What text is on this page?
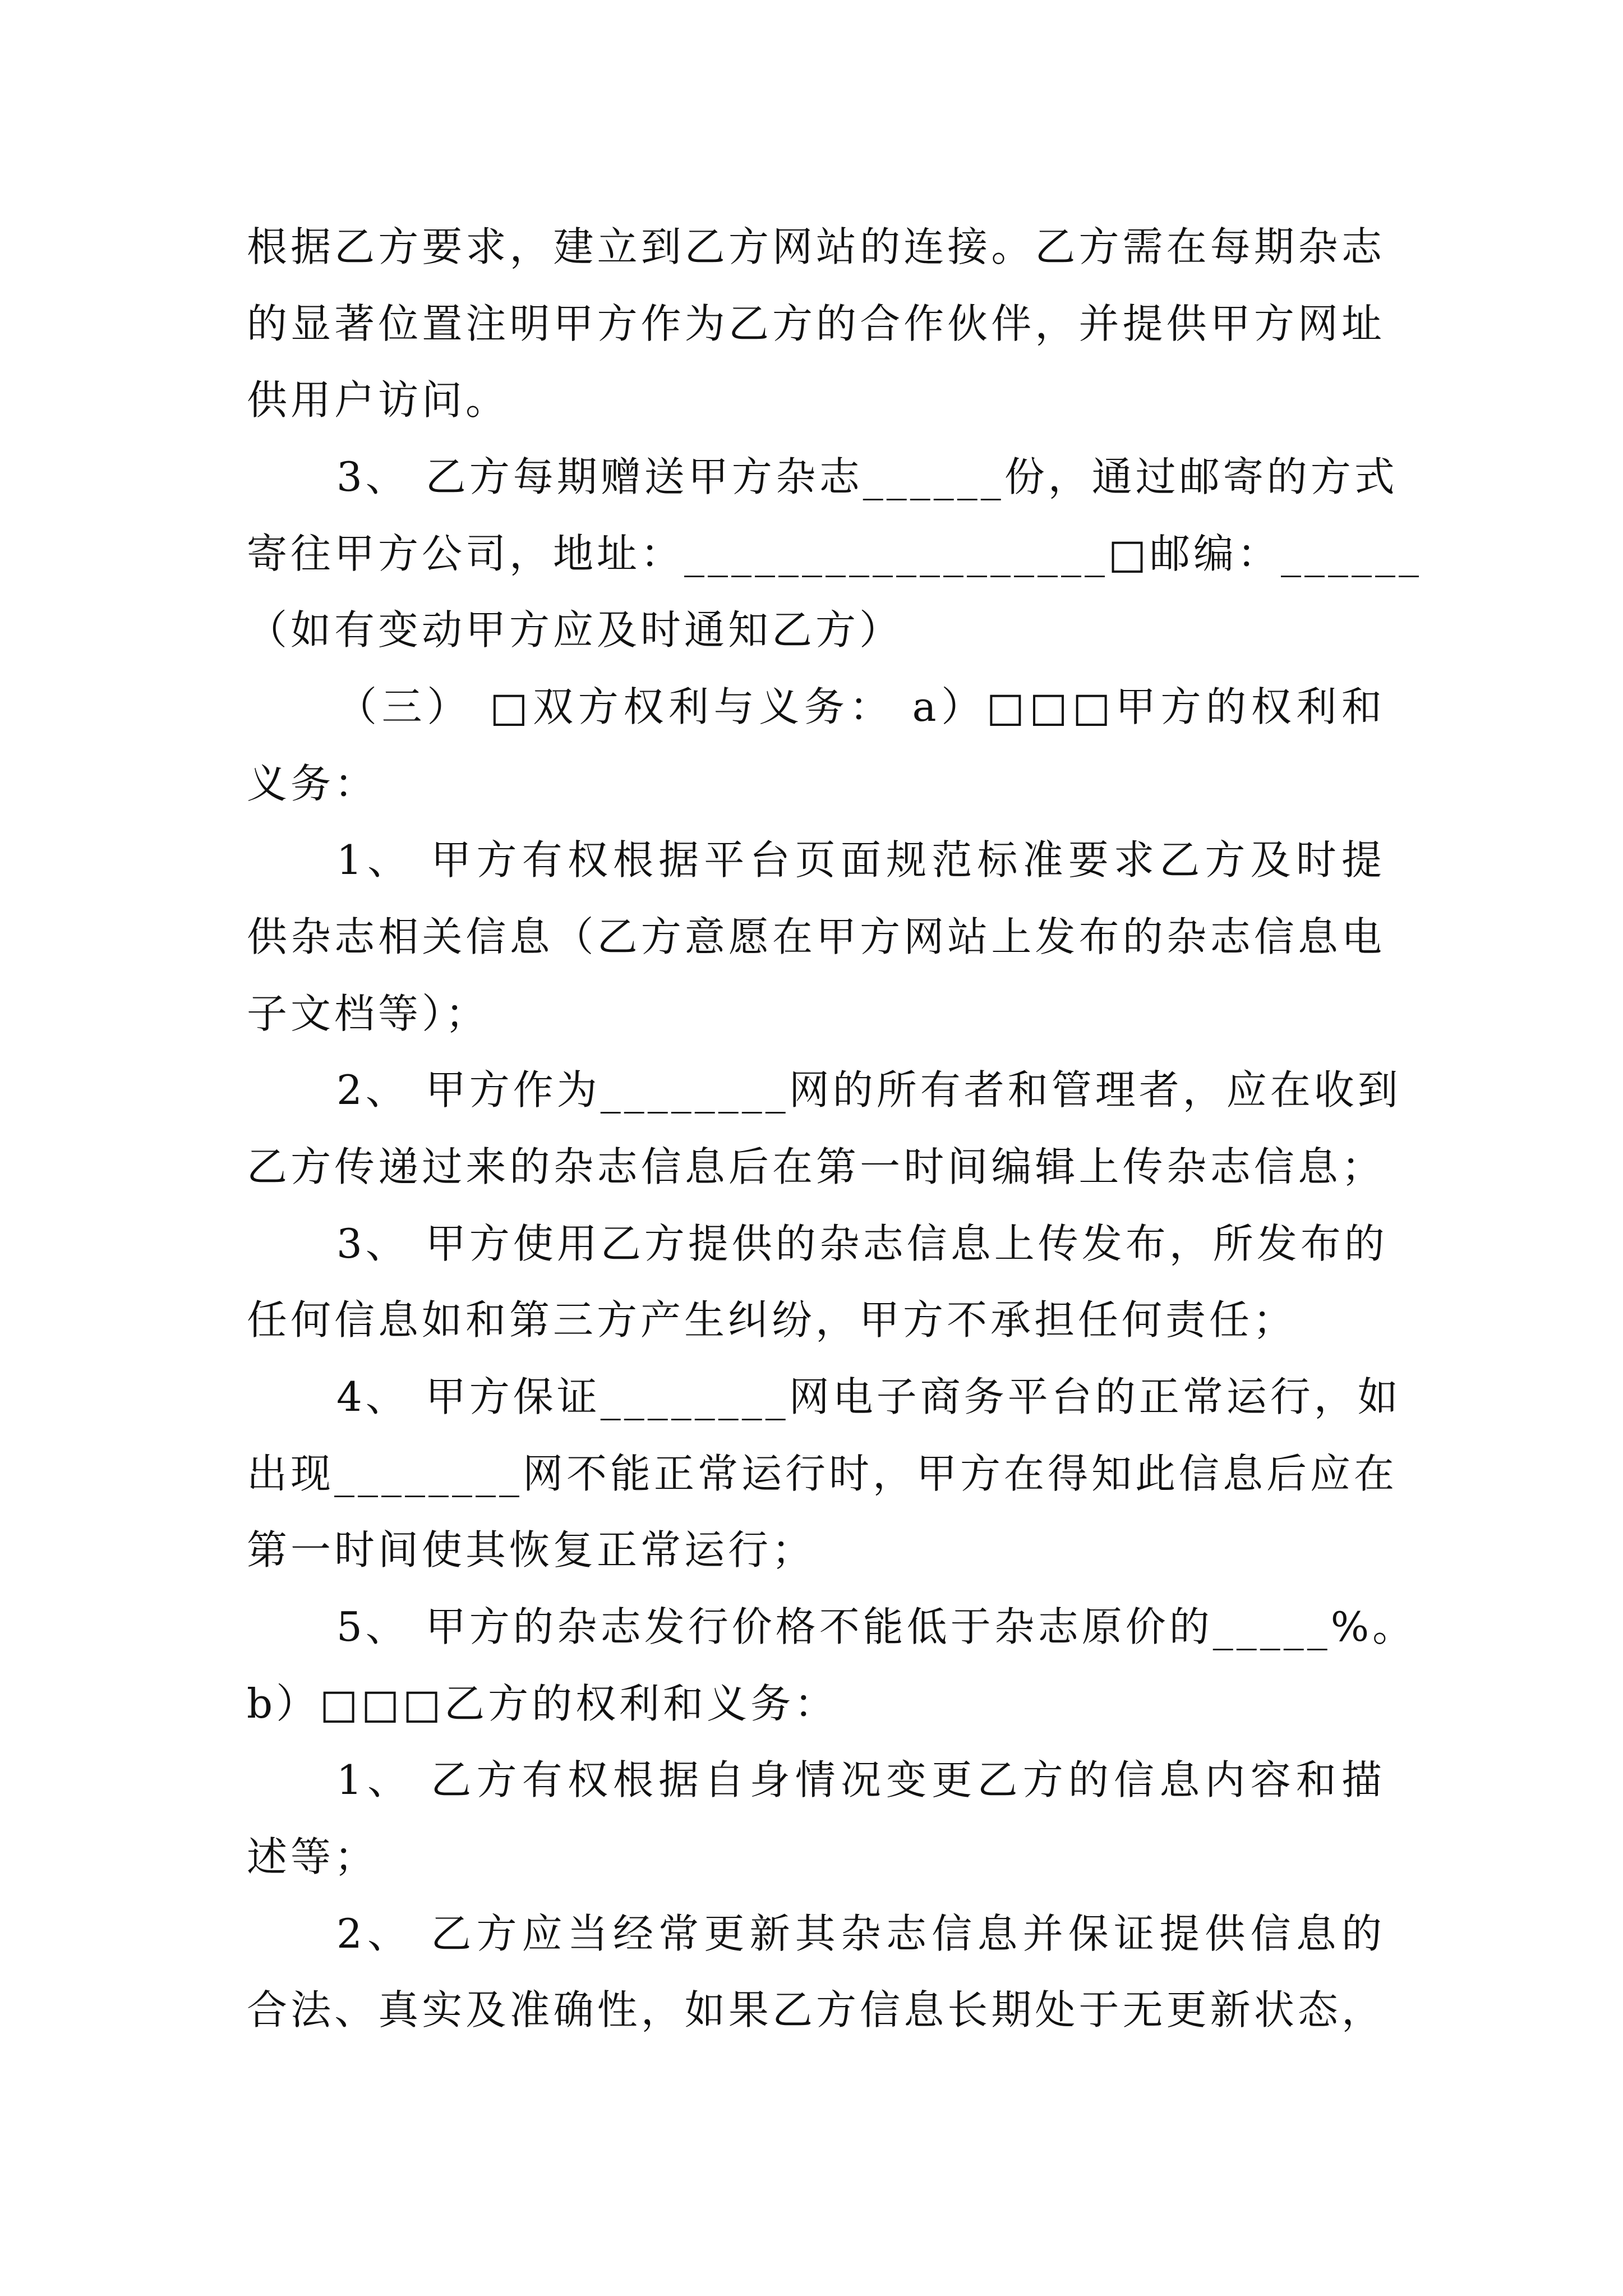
根据乙方要求，建立到乙方网站的连接。乙方需在每期杂志
的显著位置注明甲方作为乙方的合作伙伴，并提供甲方网址
供用户访问。
3、 乙方每期赠送甲方杂志______份，通过邮寄的方式
寄往甲方公司，地址：__________________□邮编：______
（如有变动甲方应及时通知乙方）
（三） □双方权利与义务： a）□□□甲方的权利和
义务：
1、 甲方有权根据平台页面规范标准要求乙方及时提
供杂志相关信息（乙方意愿在甲方网站上发布的杂志信息电
子文档等）；
2、 甲方作为________网的所有者和管理者，应在收到
乙方传递过来的杂志信息后在第一时间编辑上传杂志信息；
3、 甲方使用乙方提供的杂志信息上传发布，所发布的
任何信息如和第三方产生纠纷，甲方不承担任何责任；
4、 甲方保证________网电子商务平台的正常运行，如
出现________网不能正常运行时，甲方在得知此信息后应在
第一时间使其恢复正常运行；
5、 甲方的杂志发行价格不能低于杂志原价的_____%。
b）□□□乙方的权利和义务：
1、 乙方有权根据自身情况变更乙方的信息内容和描
述等；
2、 乙方应当经常更新其杂志信息并保证提供信息的
合法、真实及准确性，如果乙方信息长期处于无更新状态，
